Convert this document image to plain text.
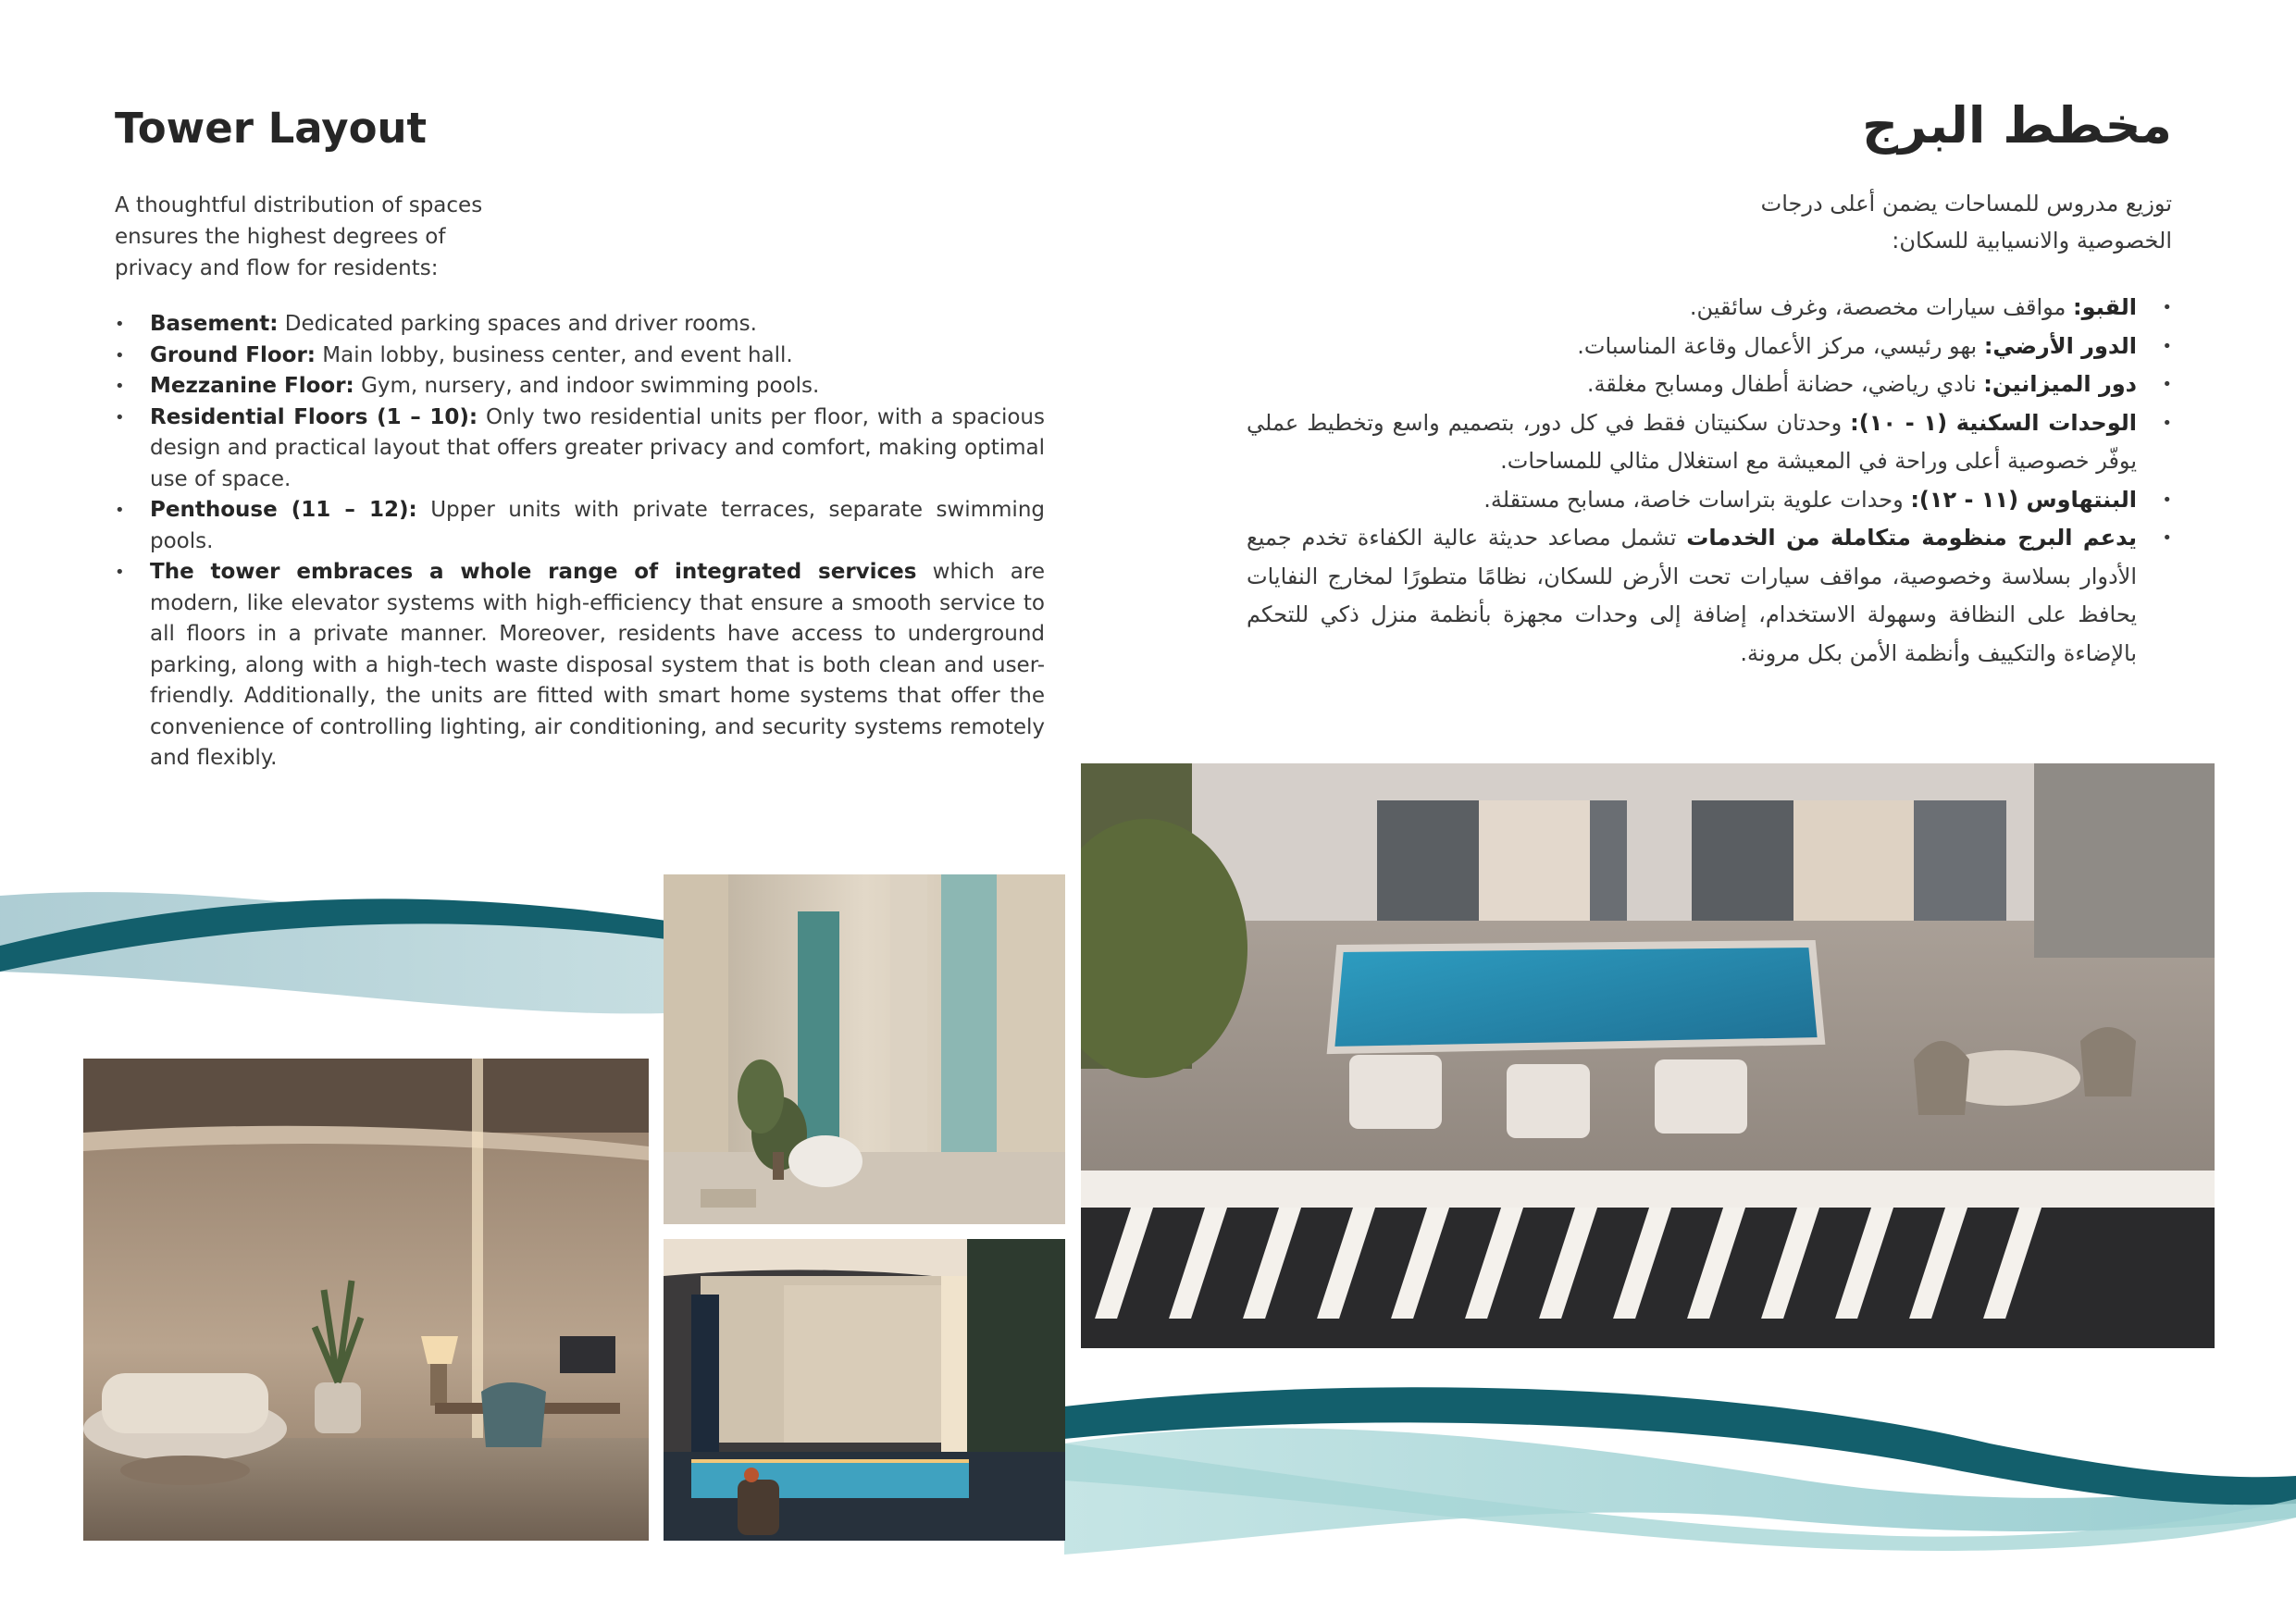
Tower Layout

A thoughtful distribution of spaces ensures the highest degrees of privacy and flow for residents:

• Basement: Dedicated parking spaces and driver rooms.
• Ground Floor: Main lobby, business center, and event hall.
• Mezzanine Floor: Gym, nursery, and indoor swimming pools.
• Residential Floors (1 – 10): Only two residential units per floor, with a spacious design and practical layout that offers greater privacy and comfort, making optimal use of space.
• Penthouse (11 – 12): Upper units with private terraces, separate swimming pools.
• The tower embraces a whole range of integrated services which are modern, like elevator systems with high-efficiency that ensure a smooth service to all floors in a private manner. Moreover, residents have access to underground parking, along with a high-tech waste disposal system that is both clean and user-friendly. Additionally, the units are fitted with smart home systems that offer the convenience of controlling lighting, air conditioning, and security systems remotely and flexibly.
مخطط البرج

توزيع مدروس للمساحات يضمن أعلى درجات الخصوصية والانسيابية للسكان:

• القبو: مواقف سيارات مخصصة، وغرف سائقين.
• الدور الأرضي: بهو رئيسي، مركز الأعمال وقاعة المناسبات.
• دور الميزانين: نادي رياضي، حضانة أطفال ومسابح مغلقة.
• الوحدات السكنية (١ - ١٠): وحدتان سكنيتان فقط في كل دور، بتصميم واسع وتخطيط عملي يوفّر خصوصية أعلى وراحة في المعيشة مع استغلال مثالي للمساحات.
• البنتهاوس (١١ - ١٢): وحدات علوية بتراسات خاصة، مسابح مستقلة.
• يدعم البرج منظومة متكاملة من الخدمات تشمل مصاعد حديثة عالية الكفاءة تخدم جميع الأدوار بسلاسة وخصوصية، مواقف سيارات تحت الأرض للسكان، نظامًا متطورًا لمخارج النفايات يحافظ على النظافة وسهولة الاستخدام، إضافة إلى وحدات مجهزة بأنظمة منزل ذكي للتحكم بالإضاءة والتكييف وأنظمة الأمن بكل مرونة.
